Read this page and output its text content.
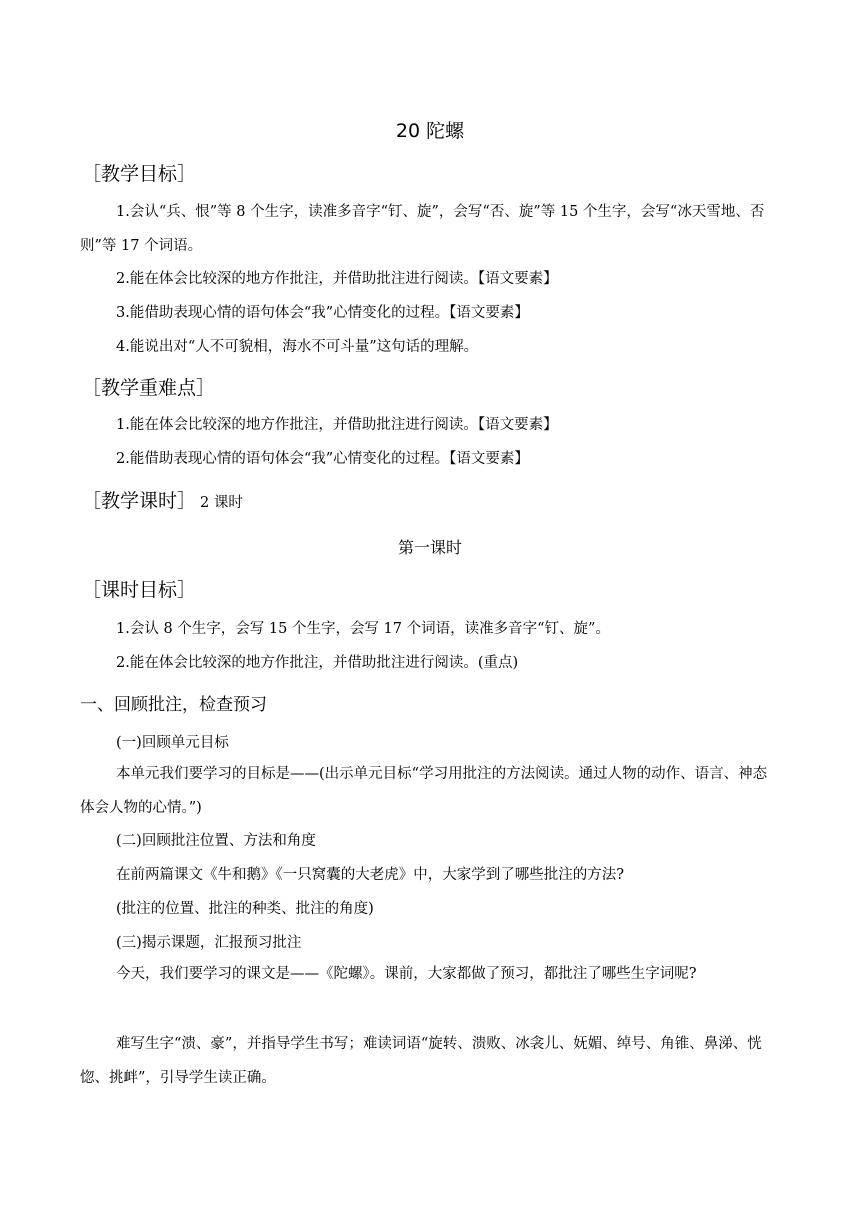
20 陀螺
［教学目标］
1.会认“兵、恨”等 8 个生字，读准多音字“钉、旋”，会写“否、旋”等 15 个生字，会写“冰天雪地、否则”等 17 个词语。
2.能在体会比较深的地方作批注，并借助批注进行阅读。【语文要素】
3.能借助表现心情的语句体会“我”心情变化的过程。【语文要素】
4.能说出对“人不可貌相，海水不可斗量”这句话的理解。
［教学重难点］
1.能在体会比较深的地方作批注，并借助批注进行阅读。【语文要素】
2.能借助表现心情的语句体会“我”心情变化的过程。【语文要素】
［教学课时］ 2 课时
第一课时
［课时目标］
1.会认 8 个生字，会写 15 个生字，会写 17 个词语，读准多音字“钉、旋”。
2.能在体会比较深的地方作批注，并借助批注进行阅读。(重点)
一、回顾批注，检查预习
(一)回顾单元目标
本单元我们要学习的目标是——(出示单元目标“学习用批注的方法阅读。通过人物的动作、语言、神态体会人物的心情。”)
(二)回顾批注位置、方法和角度
在前两篇课文《牛和鹅》《一只窝囊的大老虎》中，大家学到了哪些批注的方法?
(批注的位置、批注的种类、批注的角度)
(三)揭示课题，汇报预习批注
今天，我们要学习的课文是——《陀螺》。课前，大家都做了预习，都批注了哪些生字词呢?
难写生字“溃、豪”，并指导学生书写；难读词语“旋转、溃败、冰衾儿、妩媚、绰号、角锥、鼻涕、恍惚、挑衅”，引导学生读正确。
